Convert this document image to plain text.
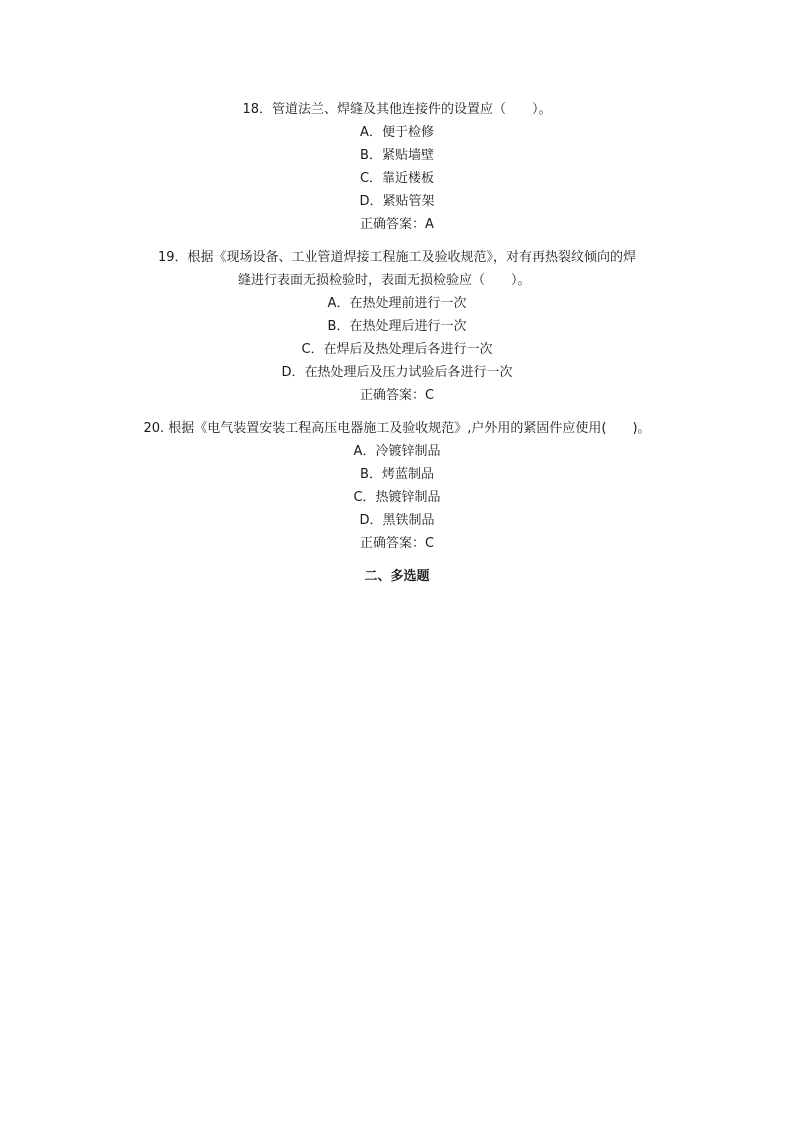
18．管道法兰、焊缝及其他连接件的设置应（　　）。
A．便于检修
B．紧贴墙壁
C．靠近楼板
D．紧贴管架
正确答案：A
19．根据《现场设备、工业管道焊接工程施工及验收规范》，对有再热裂纹倾向的焊
缝进行表面无损检验时，表面无损检验应（　　）。
A．在热处理前进行一次
B．在热处理后进行一次
C．在焊后及热处理后各进行一次
D．在热处理后及压力试验后各进行一次
正确答案：C
20. 根据《电气装置安装工程高压电器施工及验收规范》,户外用的紧固件应使用(　　)。
A．冷镀锌制品
B．烤蓝制品
C．热镀锌制品
D．黑铁制品
正确答案：C
二、多选题
